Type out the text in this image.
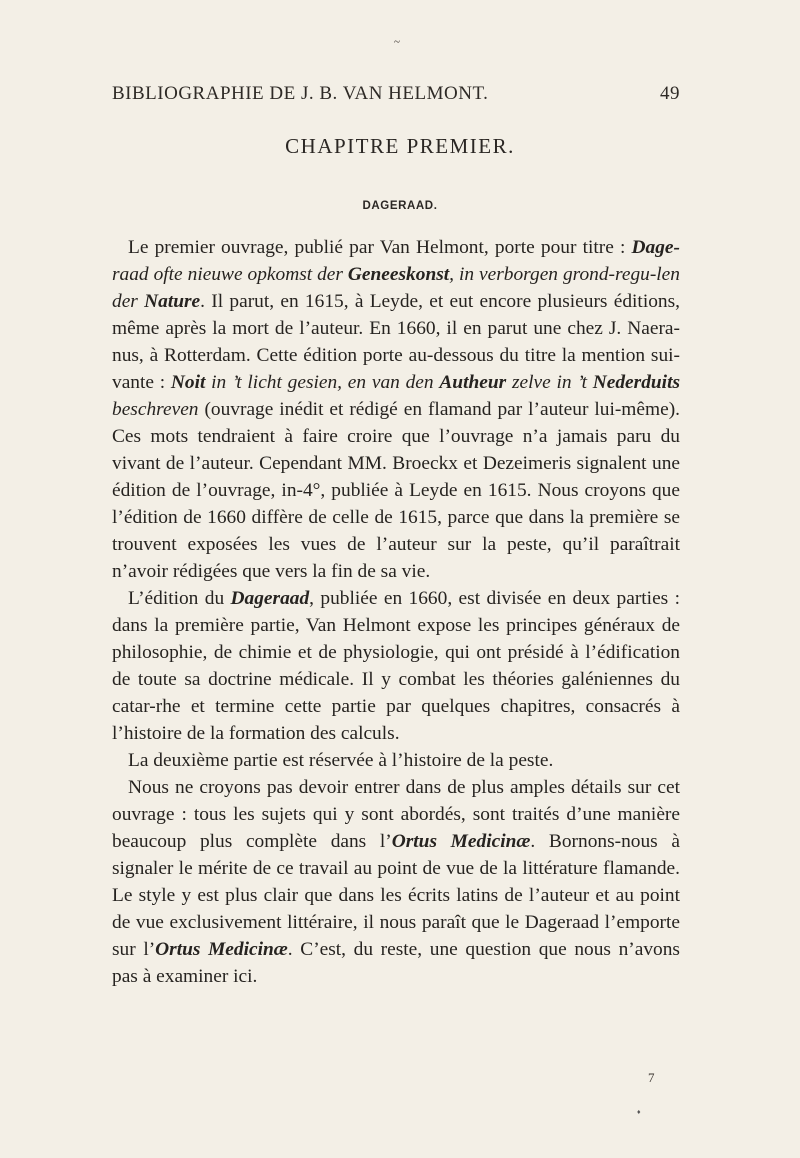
~
BIBLIOGRAPHIE DE J. B. VAN HELMONT.	49
CHAPITRE PREMIER.
DAGERAAD.

Le premier ouvrage, publié par Van Helmont, porte pour titre : Dage-raad ofte nieuwe opkomst der Geneeskonst, in verborgen grond-regu-len der Nature. Il parut, en 1615, à Leyde, et eut encore plusieurs éditions, même après la mort de l’auteur. En 1660, il en parut une chez J. Naera-nus, à Rotterdam. Cette édition porte au-dessous du titre la mention sui-vante : Noit in ’t licht gesien, en van den Autheur zelve in ’t Nederduits beschreven (ouvrage inédit et rédigé en flamand par l’auteur lui-même). Ces mots tendraient à faire croire que l’ouvrage n’a jamais paru du vivant de l’auteur. Cependant MM. Broeckx et Dezeimeris signalent une édition de l’ouvrage, in-4°, publiée à Leyde en 1615. Nous croyons que l’édition de 1660 diffère de celle de 1615, parce que dans la première se trouvent exposées les vues de l’auteur sur la peste, qu’il paraîtrait n’avoir rédigées que vers la fin de sa vie.

L’édition du Dageraad, publiée en 1660, est divisée en deux parties : dans la première partie, Van Helmont expose les principes généraux de philosophie, de chimie et de physiologie, qui ont présidé à l’édification de toute sa doctrine médicale. Il y combat les théories galéniennes du catar-rhe et termine cette partie par quelques chapitres, consacrés à l’histoire de la formation des calculs.

La deuxième partie est réservée à l’histoire de la peste.

Nous ne croyons pas devoir entrer dans de plus amples détails sur cet ouvrage : tous les sujets qui y sont abordés, sont traités d’une manière beaucoup plus complète dans l’Ortus Medicinæ. Bornons-nous à signaler le mérite de ce travail au point de vue de la littérature flamande. Le style y est plus clair que dans les écrits latins de l’auteur et au point de vue exclusivement littéraire, il nous paraît que le Dageraad l’emporte sur l’Ortus Medicinæ. C’est, du reste, une question que nous n’avons pas à examiner ici.

7
♦
